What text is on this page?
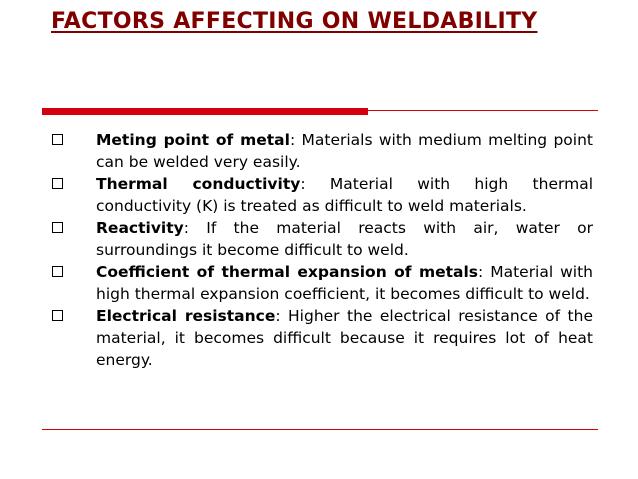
FACTORS AFFECTING ON WELDABILITY
Meting point of metal: Materials with medium melting point can be welded very easily.
Thermal conductivity: Material with high thermal conductivity (K) is treated as difficult to weld materials.
Reactivity: If the material reacts with air, water or surroundings it become difficult to weld.
Coefficient of thermal expansion of metals: Material with high thermal expansion coefficient, it becomes difficult to weld.
Electrical resistance: Higher the electrical resistance of the material, it becomes difficult because it requires lot of heat energy.
